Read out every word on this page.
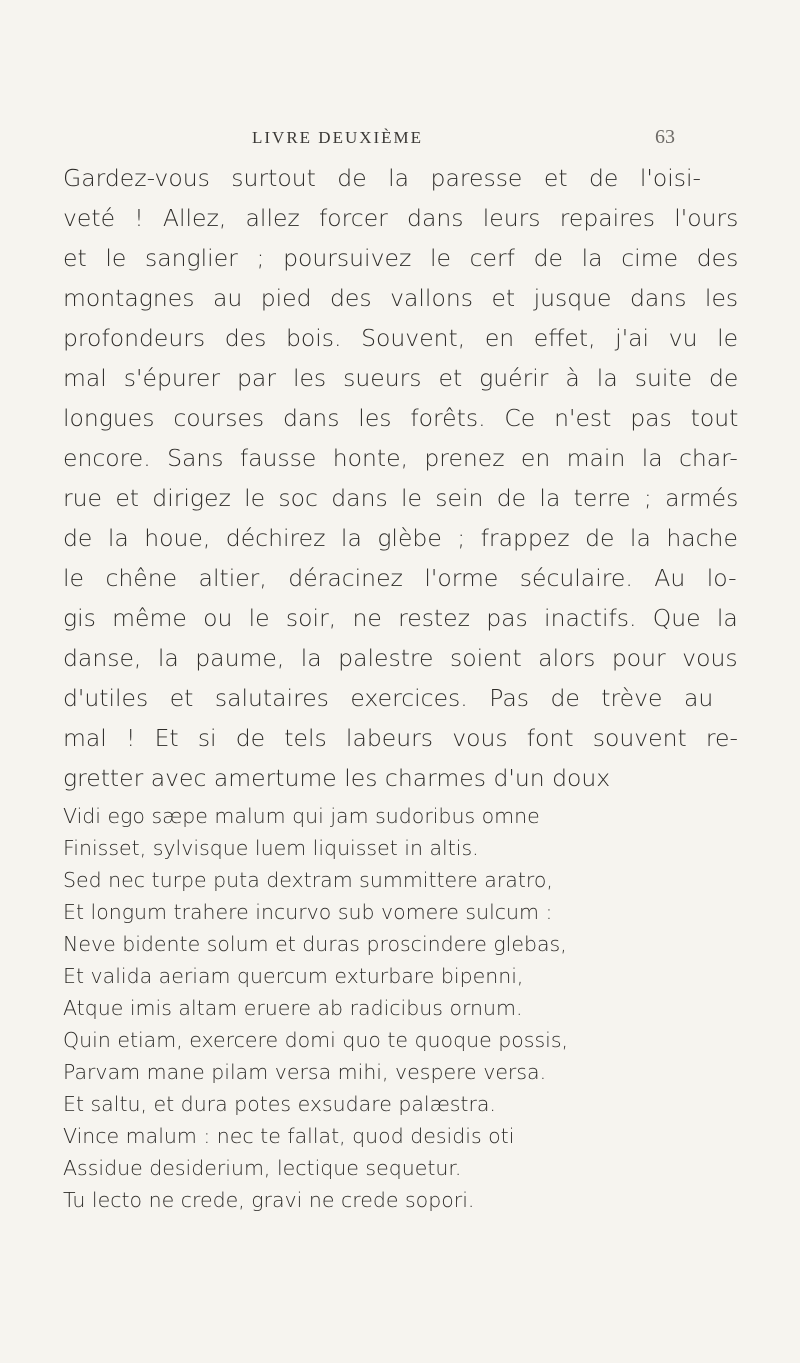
LIVRE DEUXIÈME	63
Gardez-vous surtout de la paresse et de l'oisi-
veté ! Allez, allez forcer dans leurs repaires l'ours
et le sanglier ; poursuivez le cerf de la cime des
montagnes au pied des vallons et jusque dans les
profondeurs des bois. Souvent, en effet, j'ai vu le
mal s'épurer par les sueurs et guérir à la suite de
longues courses dans les forêts. Ce n'est pas tout
encore. Sans fausse honte, prenez en main la char-
rue et dirigez le soc dans le sein de la terre ; armés
de la houe, déchirez la glèbe ; frappez de la hache
le chêne altier, déracinez l'orme séculaire. Au lo-
gis même ou le soir, ne restez pas inactifs. Que la
danse, la paume, la palestre soient alors pour vous
d'utiles et salutaires exercices. Pas de trève au
mal ! Et si de tels labeurs vous font souvent re-
gretter avec amertume les charmes d'un doux
Vidi ego sæpe malum qui jam sudoribus omne
Finisset, sylvisque luem liquisset in altis.
Sed nec turpe puta dextram summittere aratro,
Et longum trahere incurvo sub vomere sulcum :
Neve bidente solum et duras proscindere glebas,
Et valida aeriam quercum exturbare bipenni,
Atque imis altam eruere ab radicibus ornum.
Quin etiam, exercere domi quo te quoque possis,
Parvam mane pilam versa mihi, vespere versa.
Et saltu, et dura potes exsudare palæstra.
Vince malum : nec te fallat, quod desidis oti
Assidue desiderium, lectique sequetur.
Tu lecto ne crede, gravi ne crede sopori.
